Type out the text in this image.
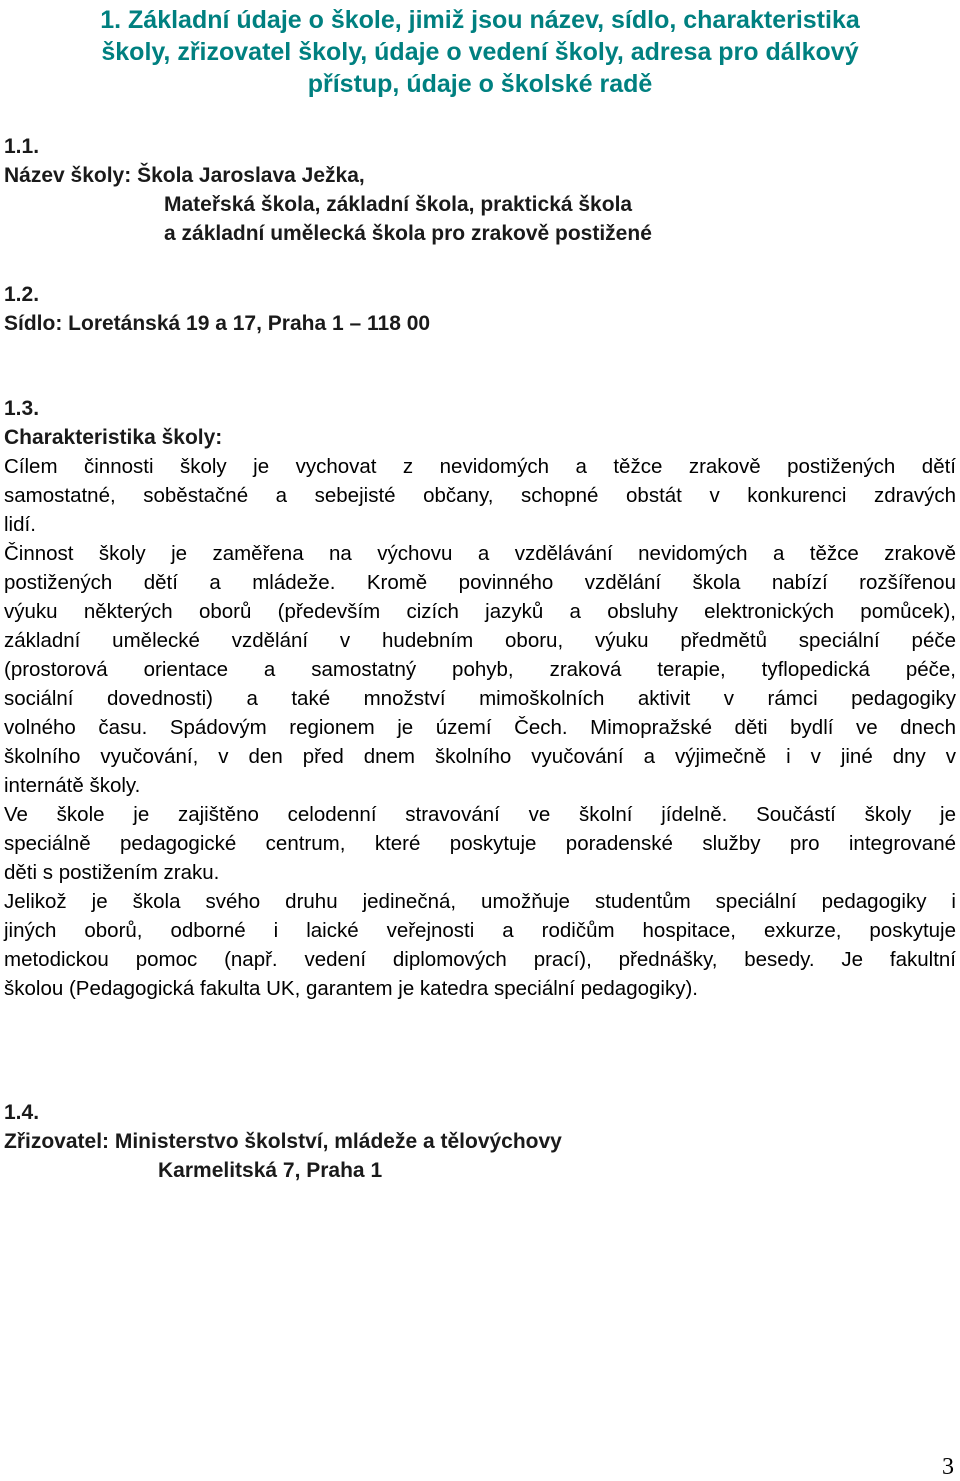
1. Základní údaje o škole, jimiž jsou název, sídlo, charakteristika
školy, zřizovatel školy, údaje o vedení školy, adresa pro dálkový
přístup, údaje o školské radě
1.1.
Název školy: Škola Jaroslava Ježka,
Mateřská škola, základní škola, praktická škola
a základní umělecká škola pro zrakově postižené
1.2.
Sídlo: Loretánská 19 a 17, Praha 1 – 118 00
1.3.
Charakteristika školy:

Cílem činnosti školy je vychovat z nevidomých a těžce zrakově postižených dětí

samostatné, soběstačné a sebejisté občany, schopné obstát v konkurenci zdravých

lidí.

Činnost školy je zaměřena na výchovu a vzdělávání nevidomých a těžce zrakově

postižených dětí a mládeže. Kromě povinného vzdělání škola nabízí rozšířenou

výuku některých oborů (především cizích jazyků a obsluhy elektronických pomůcek),

základní umělecké vzdělání v hudebním oboru, výuku předmětů speciální péče

(prostorová orientace a samostatný pohyb, zraková terapie, tyflopedická péče,

sociální dovednosti) a také množství mimoškolních aktivit v rámci pedagogiky

volného času. Spádovým regionem je území Čech. Mimopražské děti bydlí ve dnech

školního vyučování, v den před dnem školního vyučování a výjimečně i v jiné dny v

internátě školy.

Ve škole je zajištěno celodenní stravování ve školní jídelně. Součástí školy je

speciálně pedagogické centrum, které poskytuje poradenské služby pro integrované

děti s postižením zraku.

Jelikož je škola svého druhu jedinečná, umožňuje studentům speciální pedagogiky i

jiných oborů, odborné i laické veřejnosti a rodičům hospitace, exkurze, poskytuje

metodickou pomoc (např. vedení diplomových prací), přednášky, besedy. Je fakultní

školou (Pedagogická fakulta UK, garantem je katedra speciální pedagogiky).

1.4.
Zřizovatel: Ministerstvo školství, mládeže a tělovýchovy
Karmelitská 7, Praha 1
3
